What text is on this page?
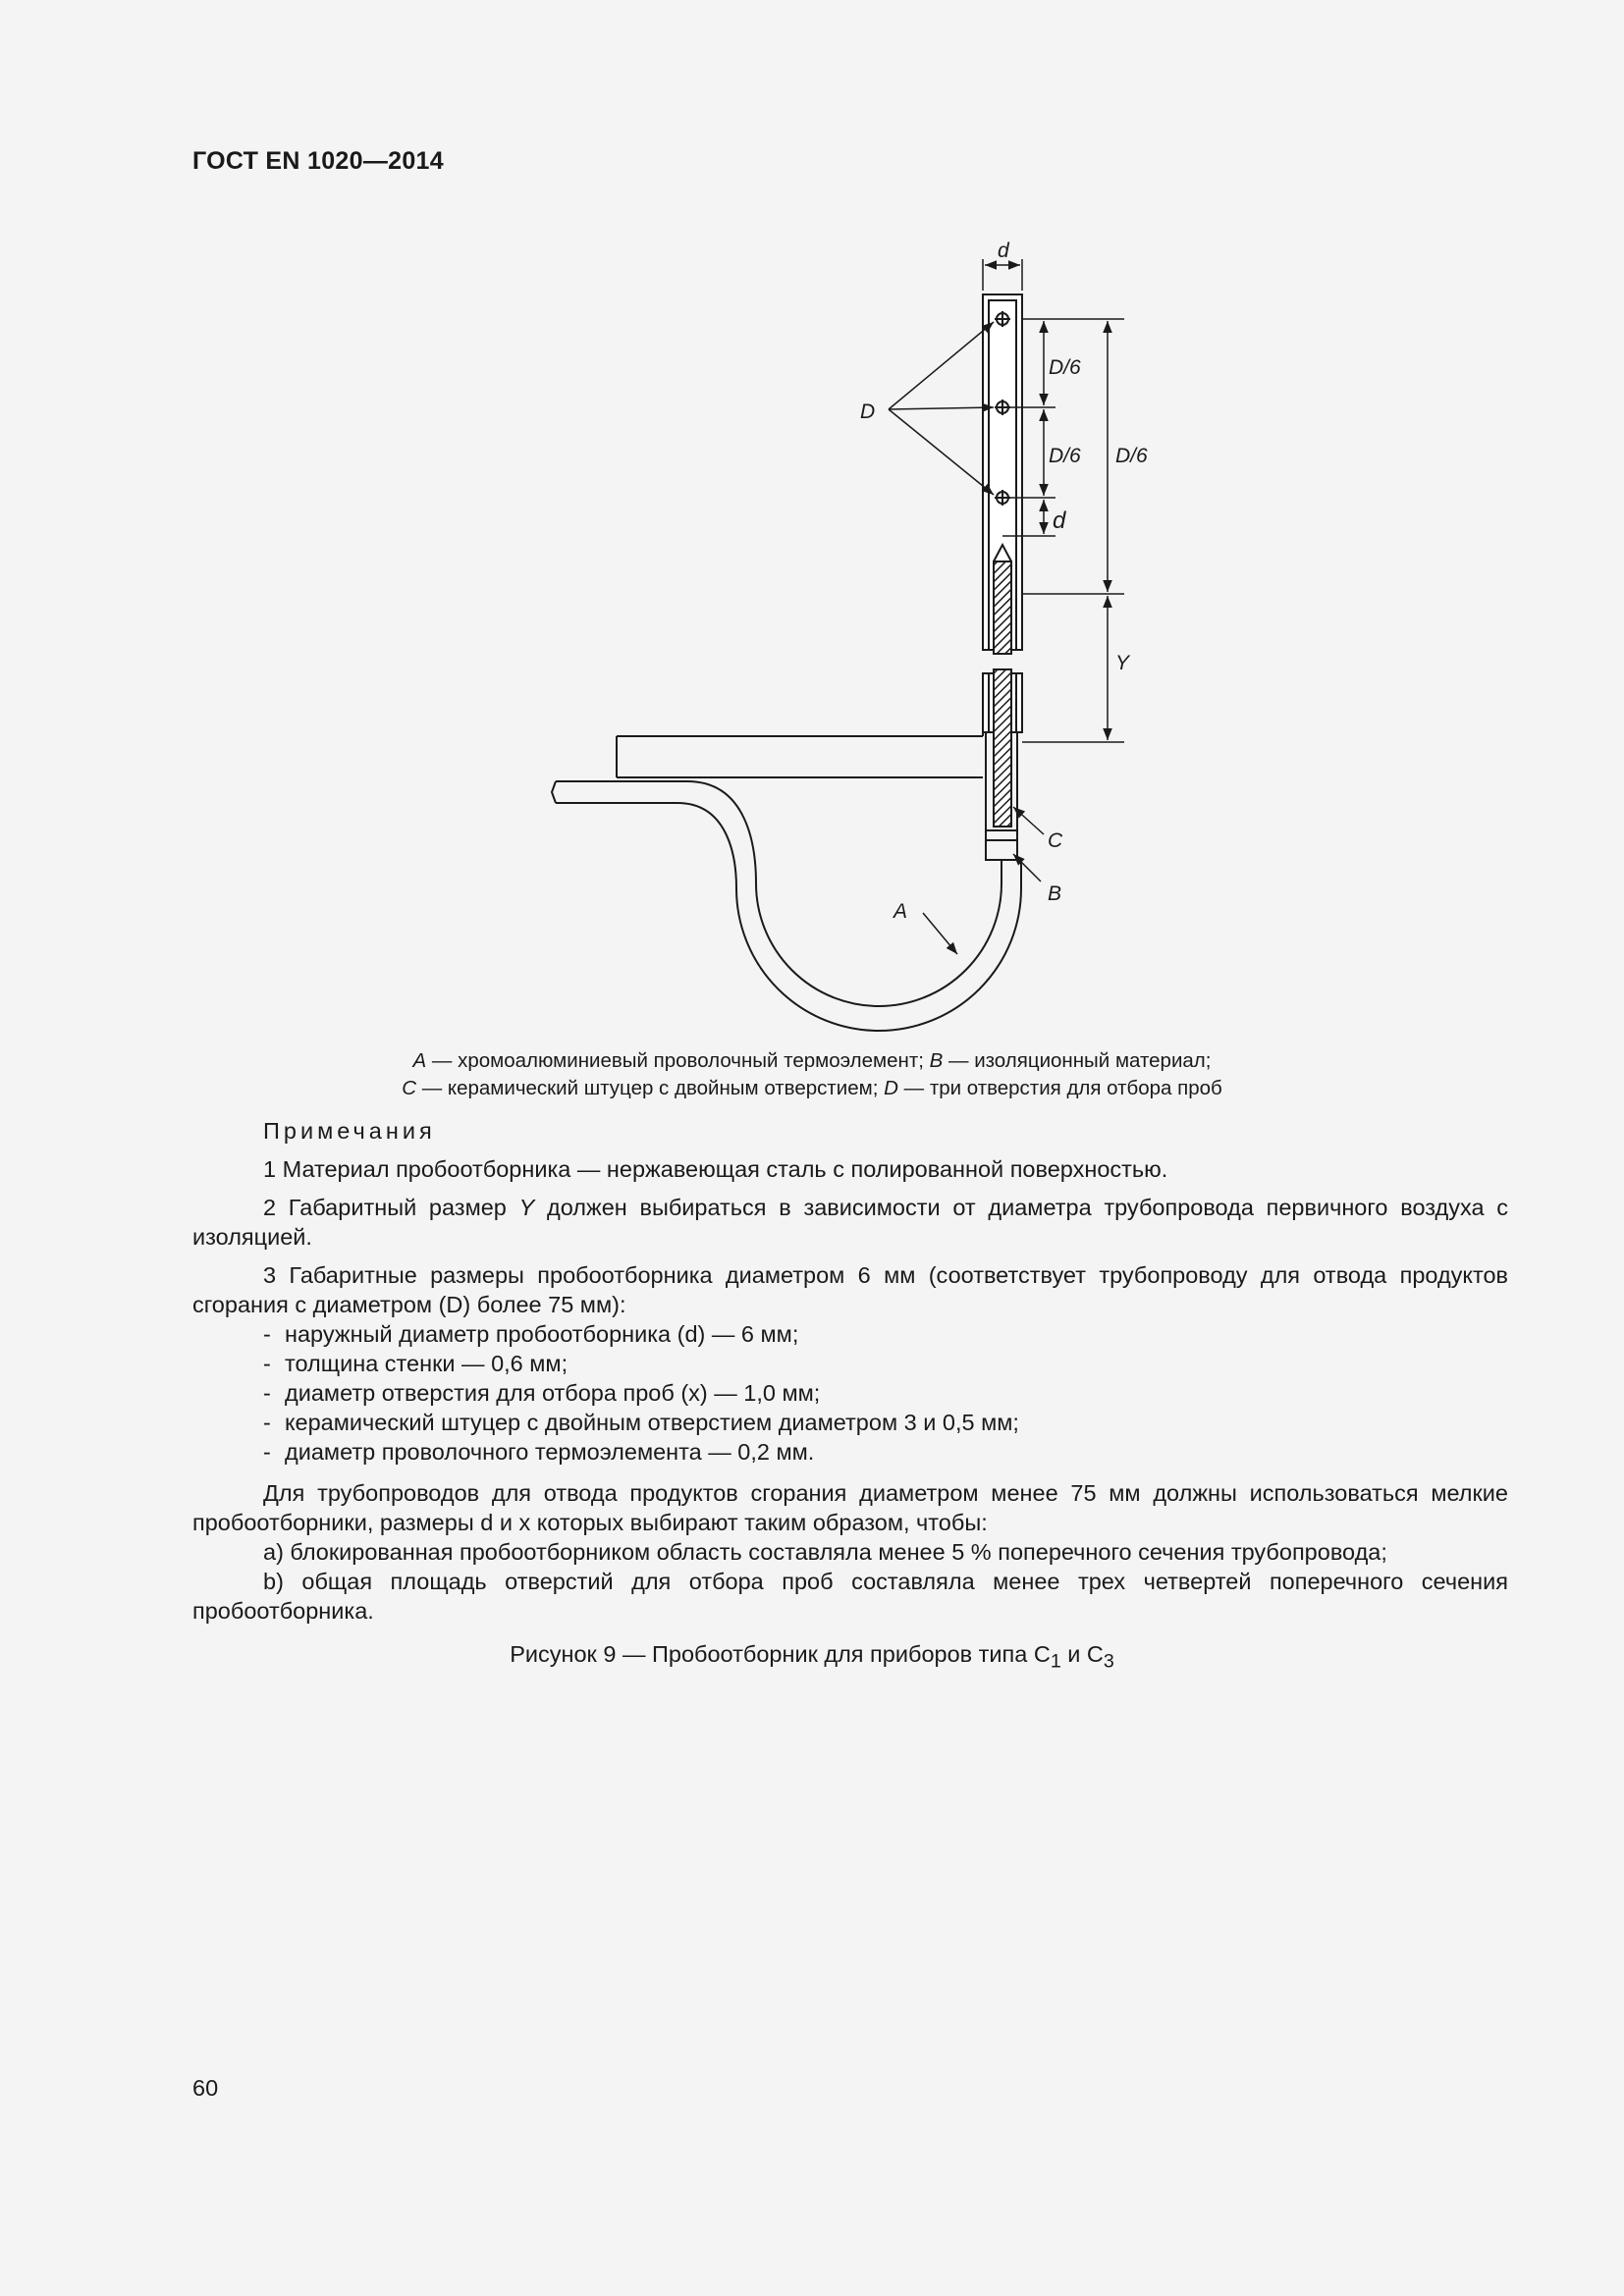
ГОСТ EN 1020—2014
d
D
D/6
D/6 D/6
d
Y
C
B
A
A — хромоалюминиевый проволочный термоэлемент; B — изоляционный материал;
C — керамический штуцер с двойным отверстием; D — три отверстия для отбора проб
Примечания

1 Материал пробоотборника — нержавеющая сталь с полированной поверхностью.

2 Габаритный размер Y должен выбираться в зависимости от диаметра трубопровода первичного воздуха с изоляцией.

3 Габаритные размеры пробоотборника диаметром 6 мм (соответствует трубопроводу для отвода продуктов сгорания с диаметром (D) более 75 мм):

- наружный диаметр пробоотборника (d) — 6 мм;
- толщина стенки — 0,6 мм;
- диаметр отверстия для отбора проб (x) — 1,0 мм;
- керамический штуцер с двойным отверстием диаметром 3 и 0,5 мм;
- диаметр проволочного термоэлемента — 0,2 мм.

Для трубопроводов для отвода продуктов сгорания диаметром менее 75 мм должны использоваться мелкие пробоотборники, размеры d и x которых выбирают таким образом, чтобы:

a) блокированная пробоотборником область составляла менее 5 % поперечного сечения трубопровода;

b) общая площадь отверстий для отбора проб составляла менее трех четвертей поперечного сечения пробоотборника.

Рисунок 9 — Пробоотборник для приборов типа $С_1$ и $С_3$
60
